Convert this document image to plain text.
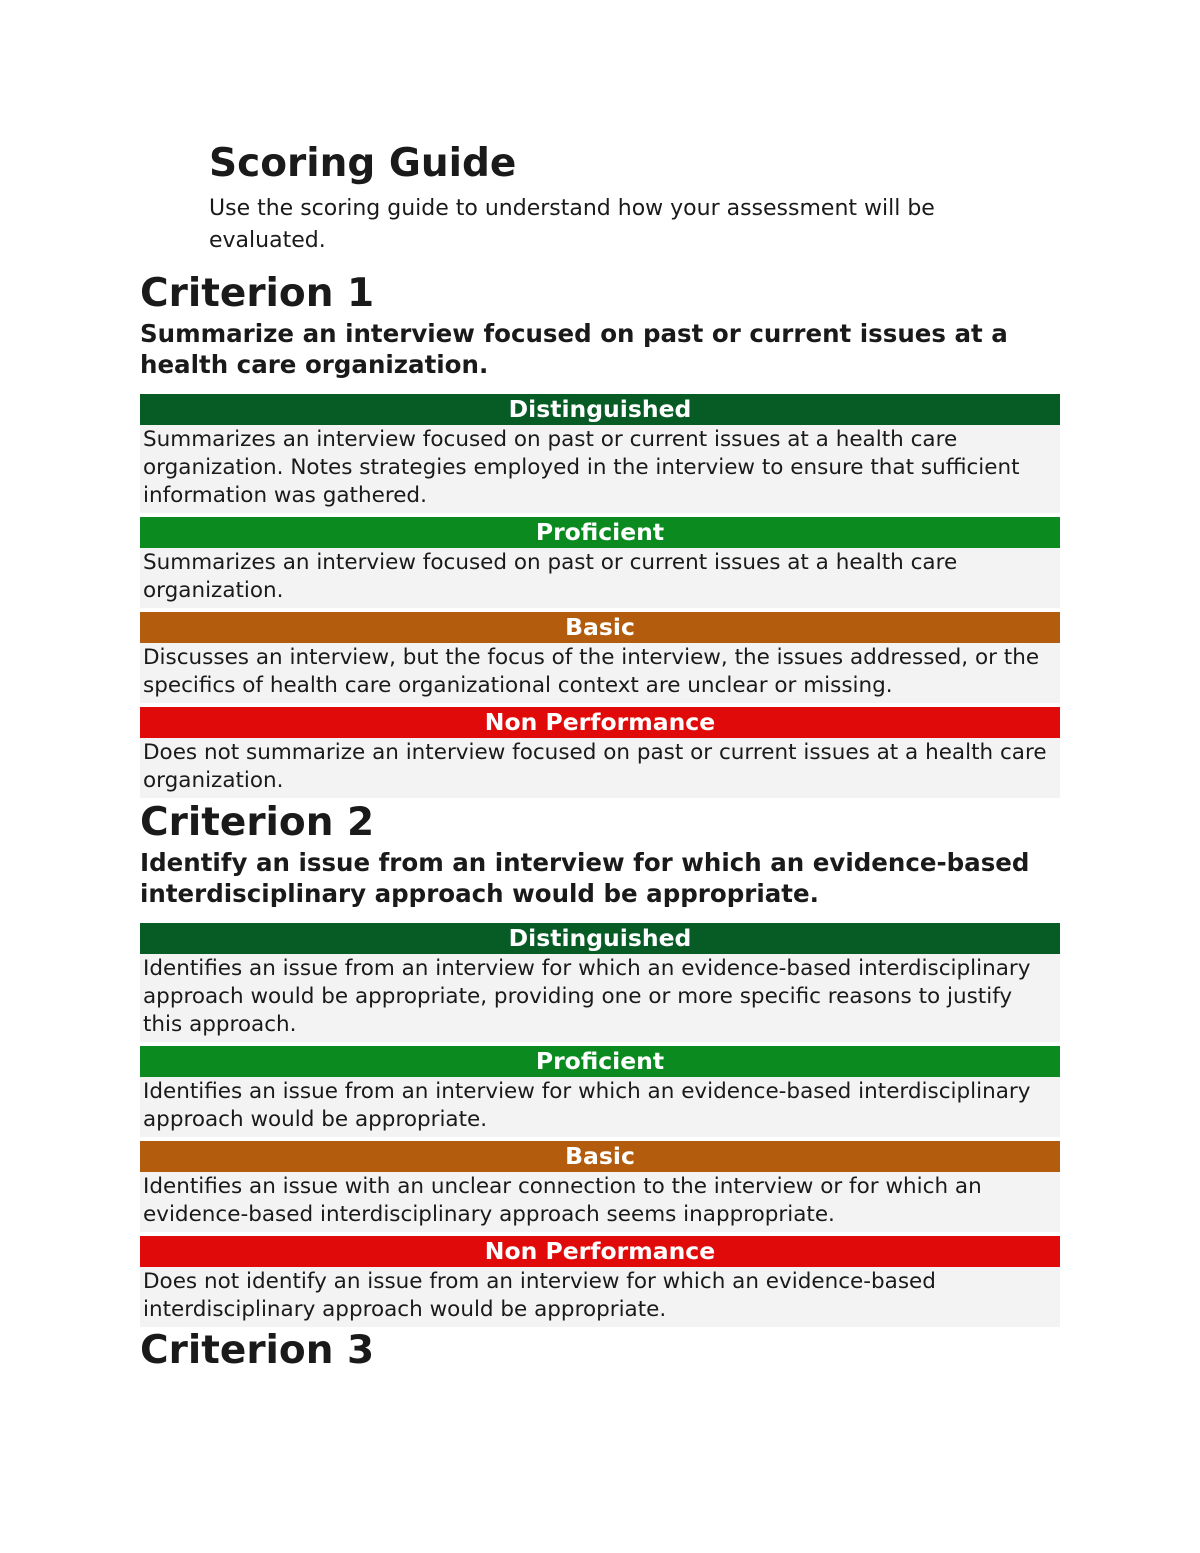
Scoring Guide

Use the scoring guide to understand how your assessment will be evaluated.

Criterion 1

Summarize an interview focused on past or current issues at a health care organization.

Distinguished
Summarizes an interview focused on past or current issues at a health care organization. Notes strategies employed in the interview to ensure that sufficient information was gathered.
Proficient
Summarizes an interview focused on past or current issues at a health care organization.
Basic
Discusses an interview, but the focus of the interview, the issues addressed, or the specifics of health care organizational context are unclear or missing.
Non Performance
Does not summarize an interview focused on past or current issues at a health care organization.
Criterion 2

Identify an issue from an interview for which an evidence-based interdisciplinary approach would be appropriate.

Distinguished
Identifies an issue from an interview for which an evidence-based interdisciplinary approach would be appropriate, providing one or more specific reasons to justify this approach.
Proficient
Identifies an issue from an interview for which an evidence-based interdisciplinary approach would be appropriate.
Basic
Identifies an issue with an unclear connection to the interview or for which an evidence-based interdisciplinary approach seems inappropriate.
Non Performance
Does not identify an issue from an interview for which an evidence-based interdisciplinary approach would be appropriate.
Criterion 3
